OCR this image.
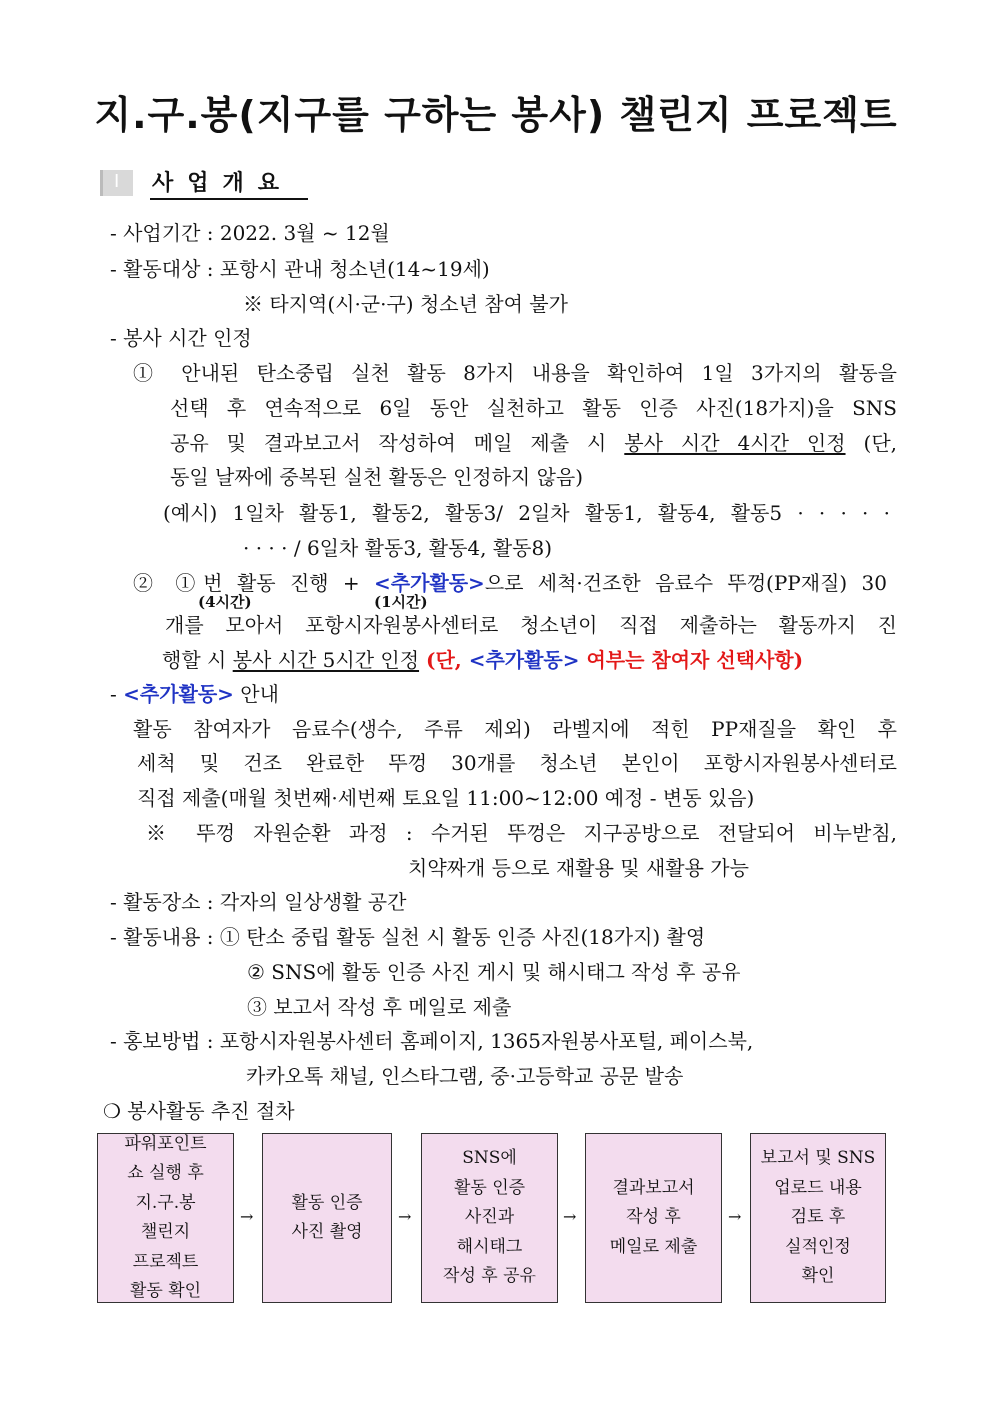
지.구.봉(지구를 구하는 봉사) 챌린지 프로젝트
Ⅰ 사업개요
- 사업기간 : 2022. 3월 ~ 12월
- 활동대상 : 포항시 관내 청소년(14~19세)
※ 타지역(시·군·구) 청소년 참여 불가
- 봉사 시간 인정
① 안내된 탄소중립 실천 활동 8가지 내용을 확인하여 1일 3가지의 활동을
선택 후 연속적으로 6일 동안 실천하고 활동 인증 사진(18가지)을 SNS
공유 및 결과보고서 작성하여 메일 제출 시 봉사 시간 4시간 인정 (단,
동일 날짜에 중복된 실천 활동은 인정하지 않음)
(예시) 1일차 활동1, 활동2, 활동3/ 2일차 활동1, 활동4, 활동5 · · · · ·
· · · · / 6일차 활동3, 활동4, 활동8)
② ①번 활동 진행 + <추가활동>으로 세척·건조한 음료수 뚜껑(PP재질) 30
(4시간)	(1시간)
개를 모아서 포항시자원봉사센터로 청소년이 직접 제출하는 활동까지 진
행할 시 봉사 시간 5시간 인정 (단, <추가활동> 여부는 참여자 선택사항)
- <추가활동> 안내
활동 참여자가 음료수(생수, 주류 제외) 라벨지에 적힌 PP재질을 확인 후
세척 및 건조 완료한 뚜껑 30개를 청소년 본인이 포항시자원봉사센터로
직접 제출(매월 첫번째·세번째 토요일 11:00~12:00 예정 - 변동 있음)
※ 뚜껑 자원순환 과정 : 수거된 뚜껑은 지구공방으로 전달되어 비누받침,
치약짜개 등으로 재활용 및 새활용 가능
- 활동장소 : 각자의 일상생활 공간
- 활동내용 : ① 탄소 중립 활동 실천 시 활동 인증 사진(18가지) 촬영
② SNS에 활동 인증 사진 게시 및 해시태그 작성 후 공유
③ 보고서 작성 후 메일로 제출
- 홍보방법 : 포항시자원봉사센터 홈페이지, 1365자원봉사포털, 페이스북,
카카오톡 채널, 인스타그램, 중·고등학교 공문 발송
❍ 봉사활동 추진 절차
파워포인트
쇼 실행 후
지.구.봉
챌린지
프로젝트
활동 확인
→
활동 인증
사진 촬영
→
SNS에
활동 인증
사진과
해시태그
작성 후 공유
→
결과보고서
작성 후
메일로 제출
→
보고서 및 SNS
업로드 내용
검토 후
실적인정
확인
